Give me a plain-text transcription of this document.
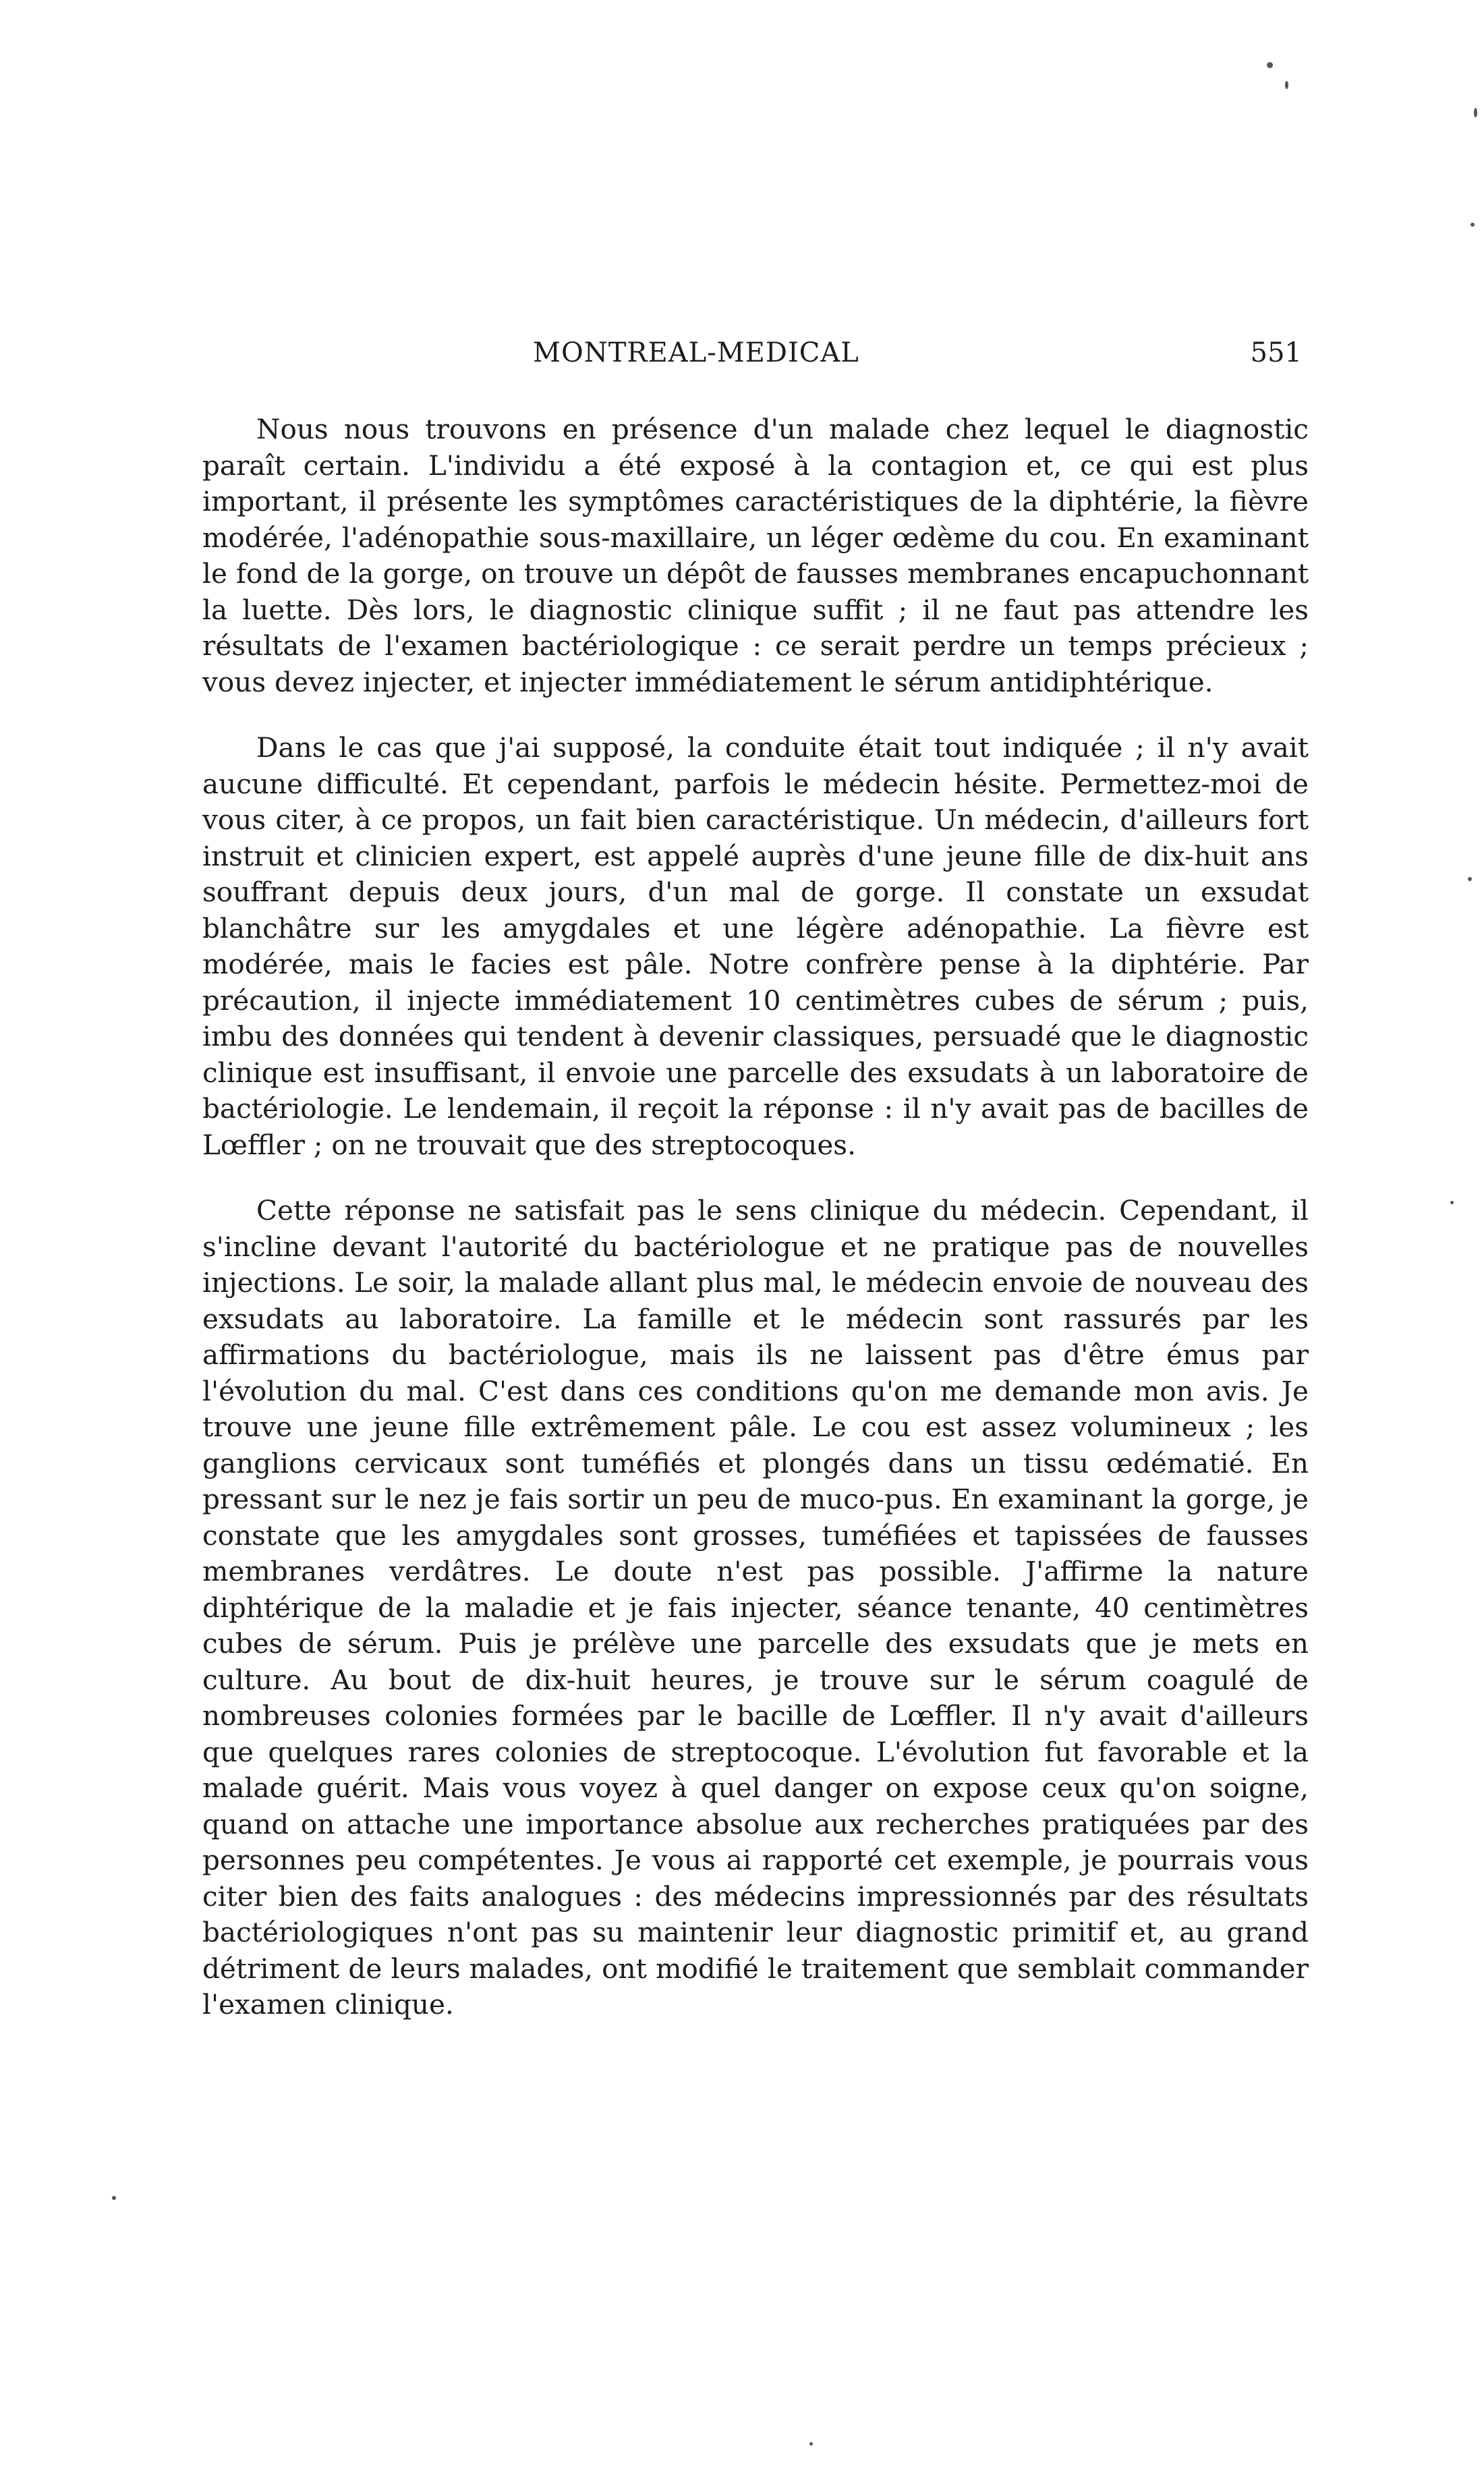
MONTREAL-MEDICAL	551

Nous nous trouvons en présence d'un malade chez lequel le diagnostic paraît certain. L'individu a été exposé à la contagion et, ce qui est plus important, il présente les symptômes caractéristiques de la diphtérie, la fièvre modérée, l'adénopathie sous-maxillaire, un léger œdème du cou. En examinant le fond de la gorge, on trouve un dépôt de fausses membranes encapuchonnant la luette. Dès lors, le diagnostic clinique suffit ; il ne faut pas attendre les résultats de l'examen bactériologique : ce serait perdre un temps précieux ; vous devez injecter, et injecter immédiatement le sérum antidiphtérique.

Dans le cas que j'ai supposé, la conduite était tout indiquée ; il n'y avait aucune difficulté. Et cependant, parfois le médecin hésite. Permettez-moi de vous citer, à ce propos, un fait bien caractéristique. Un médecin, d'ailleurs fort instruit et clinicien expert, est appelé auprès d'une jeune fille de dix-huit ans souffrant depuis deux jours, d'un mal de gorge. Il constate un exsudat blanchâtre sur les amygdales et une légère adénopathie. La fièvre est modérée, mais le facies est pâle. Notre confrère pense à la diphtérie. Par précaution, il injecte immédiatement 10 centimètres cubes de sérum ; puis, imbu des données qui tendent à devenir classiques, persuadé que le diagnostic clinique est insuffisant, il envoie une parcelle des exsudats à un laboratoire de bactériologie. Le lendemain, il reçoit la réponse : il n'y avait pas de bacilles de Lœffler ; on ne trouvait que des streptocoques.

Cette réponse ne satisfait pas le sens clinique du médecin. Cependant, il s'incline devant l'autorité du bactériologue et ne pratique pas de nouvelles injections. Le soir, la malade allant plus mal, le médecin envoie de nouveau des exsudats au laboratoire. La famille et le médecin sont rassurés par les affirmations du bactériologue, mais ils ne laissent pas d'être émus par l'évolution du mal. C'est dans ces conditions qu'on me demande mon avis. Je trouve une jeune fille extrêmement pâle. Le cou est assez volumineux ; les ganglions cervicaux sont tuméfiés et plongés dans un tissu œdématié. En pressant sur le nez je fais sortir un peu de muco-pus. En examinant la gorge, je constate que les amygdales sont grosses, tuméfiées et tapissées de fausses membranes verdâtres. Le doute n'est pas possible. J'affirme la nature diphtérique de la maladie et je fais injecter, séance tenante, 40 centimètres cubes de sérum. Puis je prélève une parcelle des exsudats que je mets en culture. Au bout de dix-huit heures, je trouve sur le sérum coagulé de nombreuses colonies formées par le bacille de Lœffler. Il n'y avait d'ailleurs que quelques rares colonies de streptocoque. L'évolution fut favorable et la malade guérit. Mais vous voyez à quel danger on expose ceux qu'on soigne, quand on attache une importance absolue aux recherches pratiquées par des personnes peu compétentes. Je vous ai rapporté cet exemple, je pourrais vous citer bien des faits analogues : des médecins impressionnés par des résultats bactériologiques n'ont pas su maintenir leur diagnostic primitif et, au grand détriment de leurs malades, ont modifié le traitement que semblait commander l'examen clinique.
